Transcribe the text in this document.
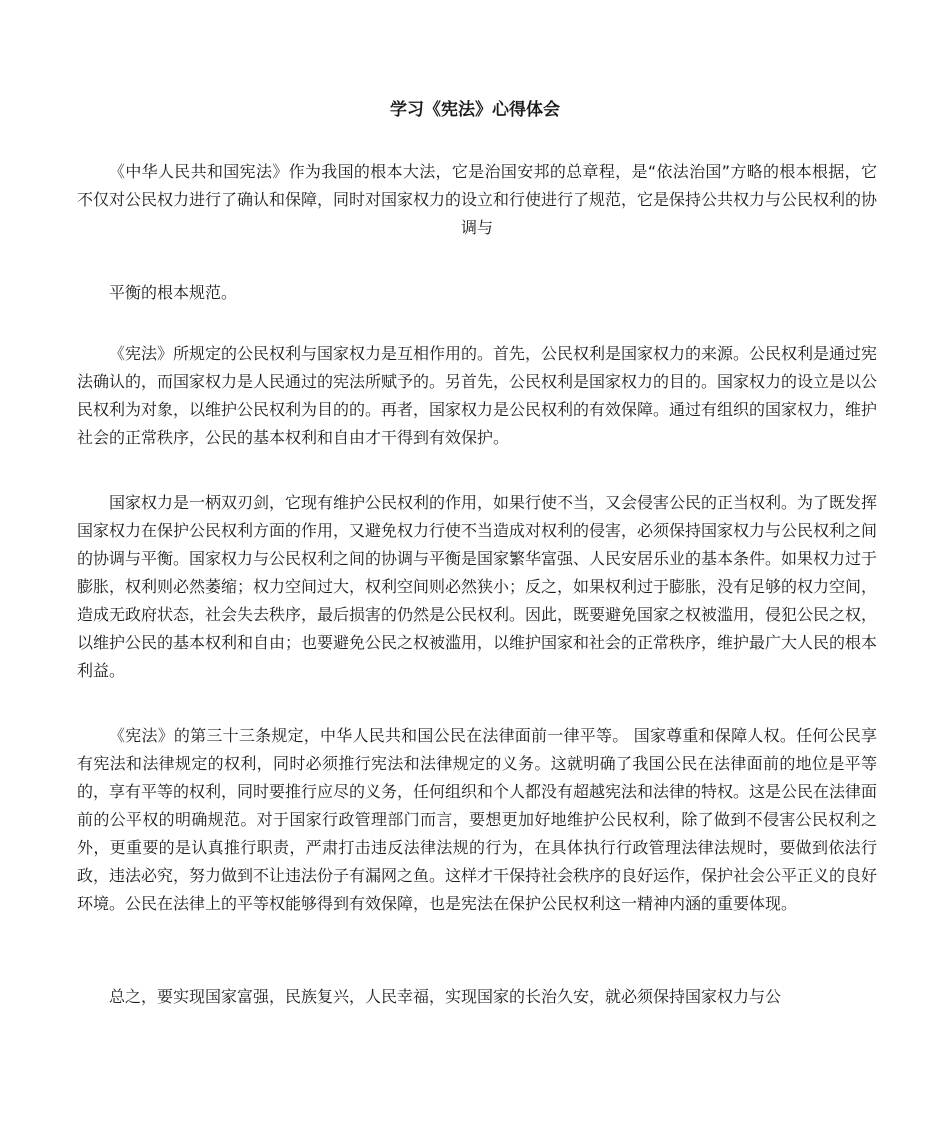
学习《宪法》心得体会

《中华人民共和国宪法》作为我国的根本大法，它是治国安邦的总章程，是“依法治国”方略的根本根据，它不仅对公民权力进行了确认和保障，同时对国家权力的设立和行使进行了规范，它是保持公共权力与公民权利的协调与

平衡的根本规范。

《宪法》所规定的公民权利与国家权力是互相作用的。首先，公民权利是国家权力的来源。公民权利是通过宪法确认的，而国家权力是人民通过的宪法所赋予的。另首先，公民权利是国家权力的目的。国家权力的设立是以公民权利为对象，以维护公民权利为目的的。再者，国家权力是公民权利的有效保障。通过有组织的国家权力，维护社会的正常秩序，公民的基本权利和自由才干得到有效保护。

国家权力是一柄双刃剑，它现有维护公民权利的作用，如果行使不当，又会侵害公民的正当权利。为了既发挥国家权力在保护公民权利方面的作用，又避免权力行使不当造成对权利的侵害，必须保持国家权力与公民权利之间的协调与平衡。国家权力与公民权利之间的协调与平衡是国家繁华富强、人民安居乐业的基本条件。如果权力过于膨胀，权利则必然萎缩；权力空间过大，权利空间则必然狭小；反之，如果权利过于膨胀，没有足够的权力空间，造成无政府状态，社会失去秩序，最后损害的仍然是公民权利。因此，既要避免国家之权被滥用，侵犯公民之权，以维护公民的基本权利和自由；也要避免公民之权被滥用，以维护国家和社会的正常秩序，维护最广大人民的根本利益。

《宪法》的第三十三条规定，中华人民共和国公民在法律面前一律平等。 国家尊重和保障人权。任何公民享有宪法和法律规定的权利，同时必须推行宪法和法律规定的义务。这就明确了我国公民在法律面前的地位是平等的，享有平等的权利，同时要推行应尽的义务，任何组织和个人都没有超越宪法和法律的特权。这是公民在法律面前的公平权的明确规范。对于国家行政管理部门而言，要想更加好地维护公民权利，除了做到不侵害公民权利之外，更重要的是认真推行职责，严肃打击违反法律法规的行为，在具体执行行政管理法律法规时，要做到依法行政，违法必究，努力做到不让违法份子有漏网之鱼。这样才干保持社会秩序的良好运作，保护社会公平正义的良好环境。公民在法律上的平等权能够得到有效保障，也是宪法在保护公民权利这一精神内涵的重要体现。

总之，要实现国家富强，民族复兴，人民幸福，实现国家的长治久安，就必须保持国家权力与公
